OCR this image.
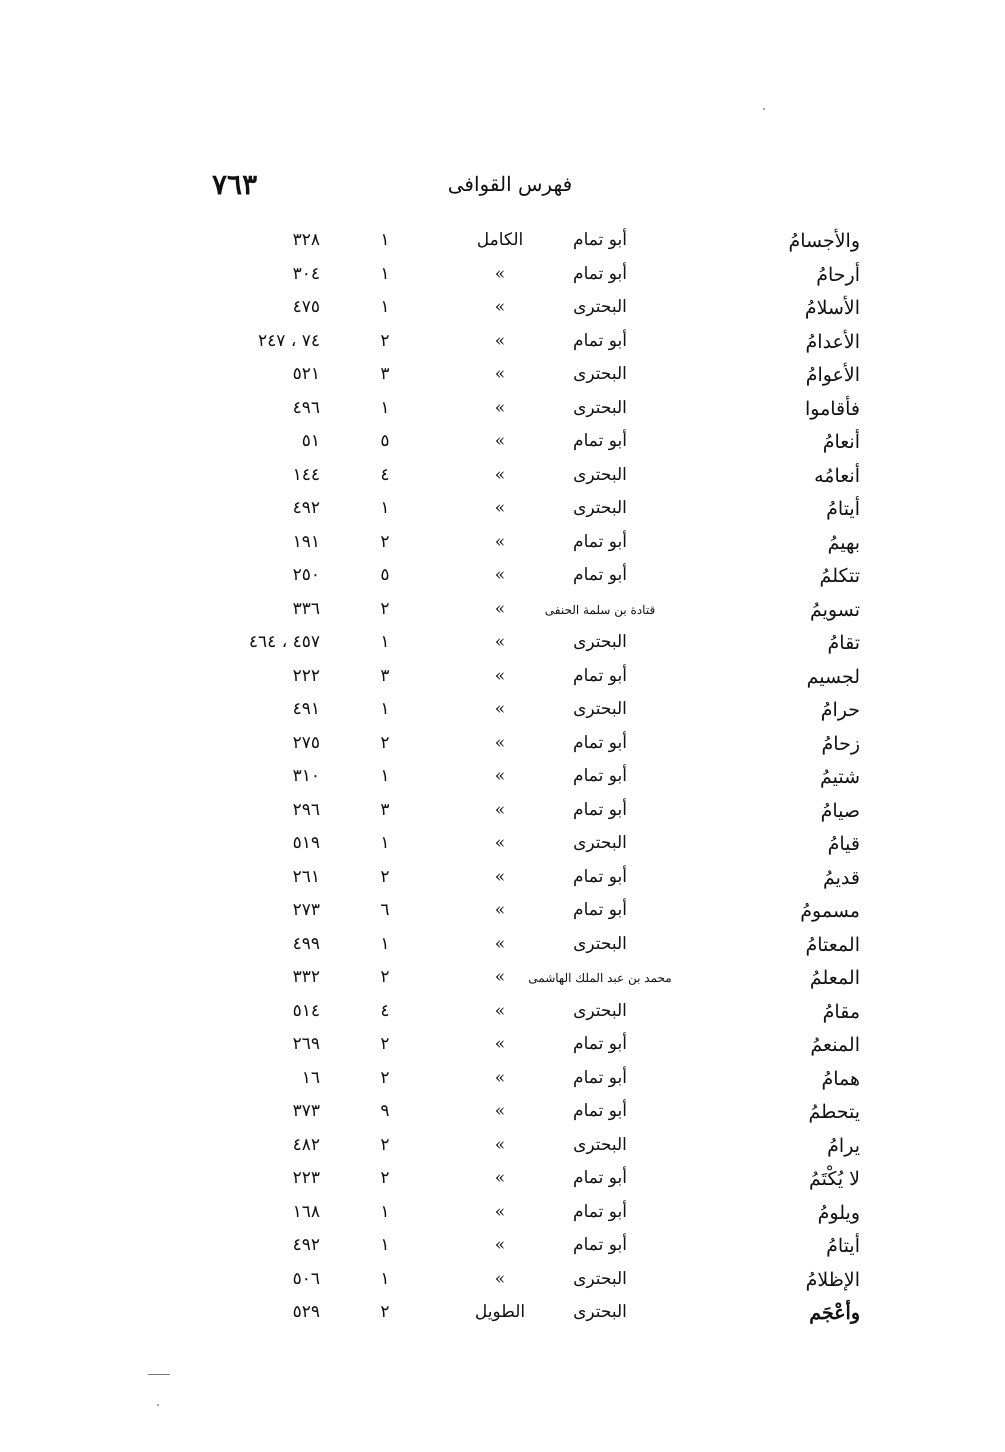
٧٦٣	فهرس القوافى
والأجسامُ
أبو تمام
الكامل
١
٣٢٨
أرحامُ
أبو تمام
»
١
٣٠٤
الأسلامُ
البحترى
»
١
٤٧٥
الأعدامُ
أبو تمام
»
٢
٧٤ ، ٢٤٧
الأعوامُ
البحترى
»
٣
٥٢١
فأقاموا
البحترى
»
١
٤٩٦
أنعامُ
أبو تمام
»
٥
٥١
أنعامُه
البحترى
»
٤
١٤٤
أيتامُ
البحترى
»
١
٤٩٢
بهيمُ
أبو تمام
»
٢
١٩١
تتكلمُ
أبو تمام
»
٥
٢٥٠
تسويمُ
قتادة بن سلمة الحنفى
»
٢
٣٣٦
تقامُ
البحترى
»
١
٤٥٧ ، ٤٦٤
لجسيم
أبو تمام
»
٣
٢٢٢
حرامُ
البحترى
»
١
٤٩١
زحامُ
أبو تمام
»
٢
٢٧٥
شتيمُ
أبو تمام
»
١
٣١٠
صيامُ
أبو تمام
»
٣
٢٩٦
قيامُ
البحترى
»
١
٥١٩
قديمُ
أبو تمام
»
٢
٢٦١
مسمومُ
أبو تمام
»
٦
٢٧٣
المعتامُ
البحترى
»
١
٤٩٩
المعلمُ
محمد بن عبد الملك الهاشمى
»
٢
٣٣٢
مقامُ
البحترى
»
٤
٥١٤
المنعمُ
أبو تمام
»
٢
٢٦٩
همامُ
أبو تمام
»
٢
١٦
يتحطمُ
أبو تمام
»
٩
٣٧٣
يرامُ
البحترى
»
٢
٤٨٢
لا يُكْتَمُ
أبو تمام
»
٢
٢٢٣
ويلومُ
أبو تمام
»
١
١٦٨
أيتامُ
أبو تمام
»
١
٤٩٢
الإظلامُ
البحترى
»
١
٥٠٦
وأعْجَم
البحترى
الطويل
٢
٥٢٩
